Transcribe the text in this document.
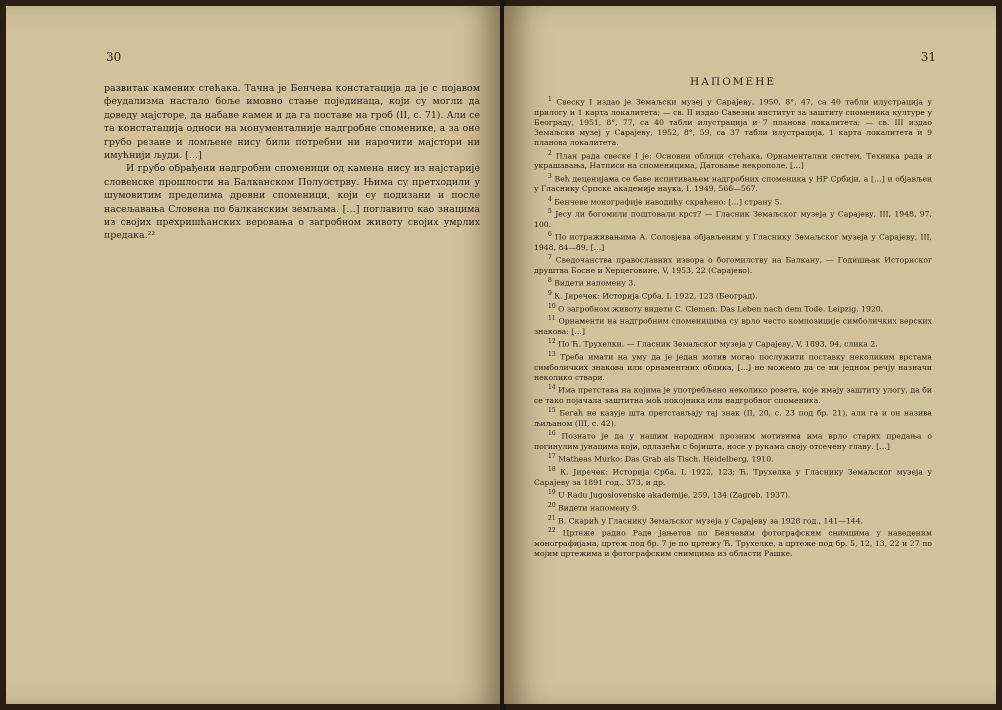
30

развитак камених стећака. Тачна је Бенчева констатација да је с појавом феудализма настало боље имовно стање појединаца, који су могли да доведу мајсторе, да набаве камен и да га поставе на гроб (II, с. 71). Али се та констатација односи на монументалније надгробне споменике, а за оне грубо резане и ломљене нису били потребни ни нарочити мајстори ни имућнији људи. […]

И грубо обрађени надгробни споменици од камена нису из најстарије словенске прошлости на Балканском Полуострву. Њима су претходили у шумовитим пределима древни споменици, који су подизани и после насељавања Словена по балканским земљама. […] поглавито као знацима из својих прехришћанских веровања о загробном животу својих умрлих предака.²²

31
НАПОМЕНЕ
$^1$ Свеску I издао је Земаљски музеј у Сарајеву, 1950, 8°, 47, са 40 табли илустрација у прилогу и 1 карта локалитета; — св. II издао Савезни институт за заштиту споменика културе у Београду, 1951, 8°, 77, са 40 табли илустрација и 7 планова локалитета; — св. III издао Земаљски музеј у Сарајеву, 1952, 8°, 59, са 37 табли илустрација, 1 карта локалитета и 9 планова локалитета.
$^2$ План рада свеске I је: Основни облици стећака, Орнаментални систем, Техника рада и украшавања, Натписи на споменицима, Датовање некрополе, […]
$^3$ Већ деценијама се баве испитивањем надгробних споменика у НР Србији, а […] и објављен у Гласнику Српске академије наука, I, 1949, 566—567.
$^4$ Бенчеве монографије наводићу скраћено: […] страну 5.
$^5$ Јесу ли богомили поштовали крст? — Гласник Земаљског музеја у Сарајеву, III, 1948, 97, 100.
$^6$ По истраживањима А. Соловјева објављеним у Гласнику Земаљског музеја у Сарајеву, III, 1948, 84—89, […]
$^7$ Сведочанства православних извора о богомилству на Балкану, — Годишњак Историског друштва Босне и Херцеговине, V, 1953, 22 (Сарајево).
$^8$ Видети напомену 3.
$^9$ К. Јиречек: Историја Срба, I. 1922, 123 (Београд).
$^{10}$ О загробном животу видети C. Clemen: Das Leben nach dem Tode. Leipzig. 1920.
$^{11}$ Орнаменти на надгробним споменицима су врло често композиције симболичких верских знакова: […]
$^{12}$ По Ћ. Трухелки. — Гласник Земаљског музеја у Сарајеву, V, 1893, 94, слика 2.
$^{13}$ Треба имати на уму да је један мотив могао послужити поставку неколиким врстама симболичких знакова или орнаментних облика, […] не можемо да се ни једном речју назначи неколико ствари.
$^{14}$ Има претстава на којима је употребљено неколико розета, које имају заштиту улогу, да би се тако појачала заштитна моћ покојника или надгробног споменика.
$^{15}$ Бегаћ не казује шта претстављају тај знак (II, 20, с. 23 под бр. 21), али га и он назива љиљаном (III, с. 42).
$^{16}$ Познато је да у нашим народним прозним мотивима има врло старих предања о погинулим јунацима који, одлазећи с бојишта, носе у рукама своју отсечену главу. […]
$^{17}$ Matheas Murko: Das Grab als Tisch. Heidelberg, 1910.
$^{18}$ К. Јиречек: Историја Срба, I, 1922, 123; Ћ. Трухелка у Гласнику Земаљског музеја у Сарајеву за 1891 год., 373, и др.
$^{19}$ U Radu Jugoslovenske akademije, 259, 134 (Zagreb, 1937).
$^{20}$ Видети напомену 9.
$^{21}$ В. Скарић у Гласнику Земаљског музеја у Сарајеву за 1928 год., 141—144.
$^{22}$ Цртеже радио Раде Јањетов по Бенчевим фотографским снимцима у наведеним монографијама, цртеж под бр. 7 је по цртежу Ћ. Трухелке, а цртеже под бр. 5, 12, 13, 22 и 27 по мојим цртежима и фотографским снимцима из области Рашке.
